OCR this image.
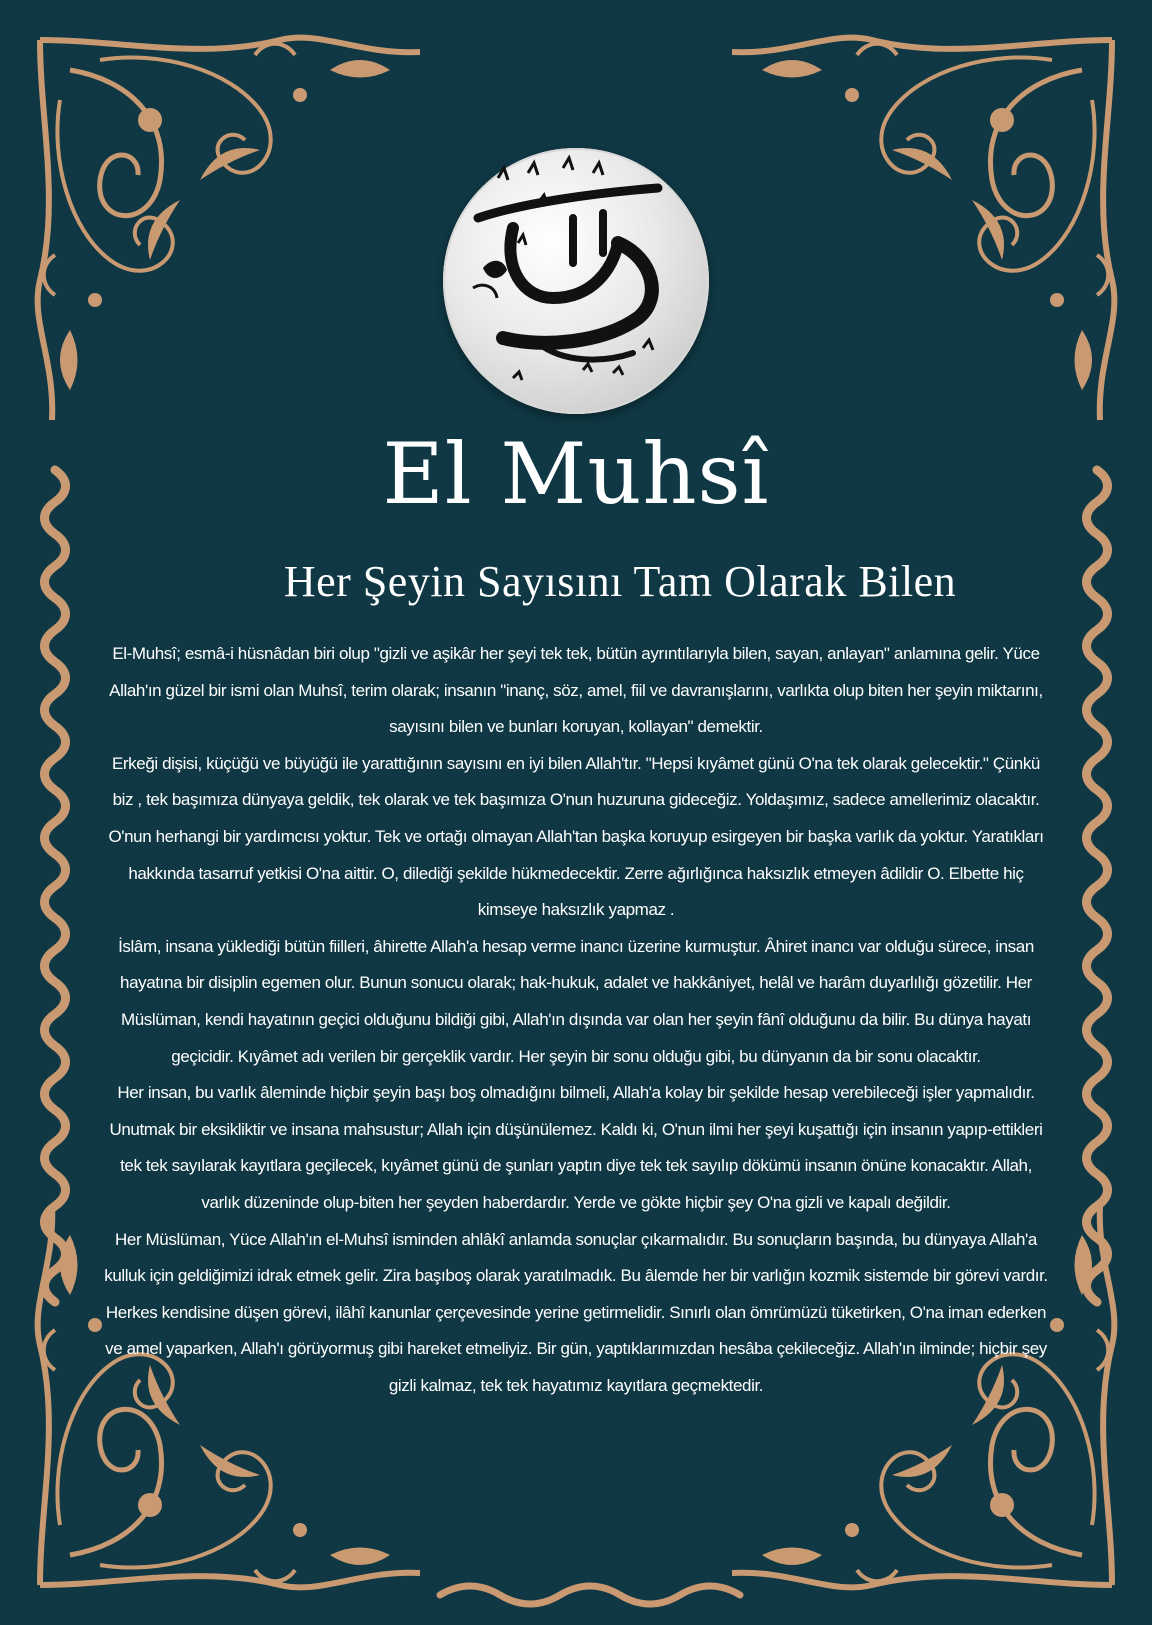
El Muhsî
Her Şeyin Sayısını Tam Olarak Bilen

El-Muhsî; esmâ-i hüsnâdan biri olup "gizli ve aşikâr her şeyi tek tek, bütün ayrıntılarıyla bilen, sayan, anlayan" anlamına gelir. Yüce Allah'ın güzel bir ismi olan Muhsî, terim olarak; insanın "inanç, söz, amel, fiil ve davranışlarını, varlıkta olup biten her şeyin miktarını, sayısını bilen ve bunları koruyan, kollayan" demektir.

Erkeği dişisi, küçüğü ve büyüğü ile yarattığının sayısını en iyi bilen Allah'tır. "Hepsi kıyâmet günü O'na tek olarak gelecektir." Çünkü biz , tek başımıza dünyaya geldik, tek olarak ve tek başımıza O'nun huzuruna gideceğiz. Yoldaşımız, sadece amellerimiz olacaktır. O'nun herhangi bir yardımcısı yoktur. Tek ve ortağı olmayan Allah'tan başka koruyup esirgeyen bir başka varlık da yoktur. Yaratıkları hakkında tasarruf yetkisi O'na aittir. O, dilediği şekilde hükmedecektir. Zerre ağırlığınca haksızlık etmeyen âdildir O. Elbette hiç kimseye haksızlık yapmaz .

İslâm, insana yüklediği bütün fiilleri, âhirette Allah'a hesap verme inancı üzerine kurmuştur. Âhiret inancı var olduğu sürece, insan hayatına bir disiplin egemen olur. Bunun sonucu olarak; hak-hukuk, adalet ve hakkâniyet, helâl ve harâm duyarlılığı gözetilir. Her Müslüman, kendi hayatının geçici olduğunu bildiği gibi, Allah'ın dışında var olan her şeyin fânî olduğunu da bilir. Bu dünya hayatı geçicidir. Kıyâmet adı verilen bir gerçeklik vardır. Her şeyin bir sonu olduğu gibi, bu dünyanın da bir sonu olacaktır.

Her insan, bu varlık âleminde hiçbir şeyin başı boş olmadığını bilmeli, Allah'a kolay bir şekilde hesap verebileceği işler yapmalıdır. Unutmak bir eksikliktir ve insana mahsustur; Allah için düşünülemez. Kaldı ki, O'nun ilmi her şeyi kuşattığı için insanın yapıp-ettikleri tek tek sayılarak kayıtlara geçilecek, kıyâmet günü de şunları yaptın diye tek tek sayılıp dökümü insanın önüne konacaktır. Allah, varlık düzeninde olup-biten her şeyden haberdardır. Yerde ve gökte hiçbir şey O'na gizli ve kapalı değildir.

Her Müslüman, Yüce Allah'ın el-Muhsî isminden ahlâkî anlamda sonuçlar çıkarmalıdır. Bu sonuçların başında, bu dünyaya Allah'a kulluk için geldiğimizi idrak etmek gelir. Zira başıboş olarak yaratılmadık. Bu âlemde her bir varlığın kozmik sistemde bir görevi vardır. Herkes kendisine düşen görevi, ilâhî kanunlar çerçevesinde yerine getirmelidir. Sınırlı olan ömrümüzü tüketirken, O'na iman ederken ve amel yaparken, Allah'ı görüyormuş gibi hareket etmeliyiz. Bir gün, yaptıklarımızdan hesâba çekileceğiz. Allah'ın ilminde; hiçbir şey gizli kalmaz, tek tek hayatımız kayıtlara geçmektedir.
